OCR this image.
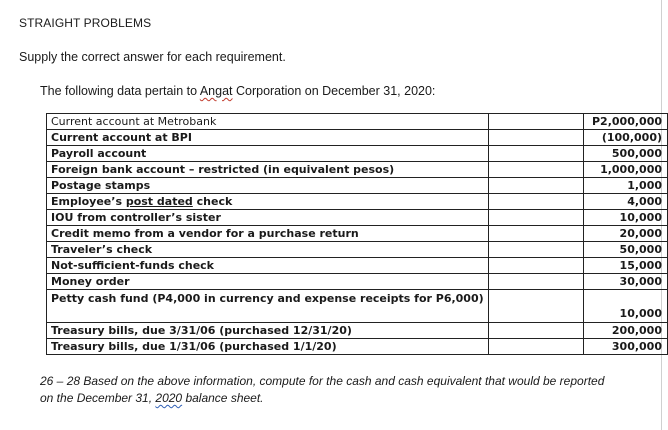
STRAIGHT PROBLEMS
Supply the correct answer for each requirement.
The following data pertain to Angat Corporation on December 31, 2020:
Current account at Metrobank		P2,000,000
Current account at BPI		(100,000)
Payroll account		500,000
Foreign bank account – restricted (in equivalent pesos)		1,000,000
Postage stamps		1,000
Employee’s post dated check		4,000
IOU from controller’s sister		10,000
Credit memo from a vendor for a purchase return		20,000
Traveler’s check		50,000
Not-sufficient-funds check		15,000
Money order		30,000
Petty cash fund (P4,000 in currency and expense receipts for P6,000)		10,000
Treasury bills, due 3/31/06 (purchased 12/31/20)		200,000
Treasury bills, due 1/31/06 (purchased 1/1/20)		300,000
26 – 28 Based on the above information, compute for the cash and cash equivalent that would be reported
on the December 31, 2020 balance sheet.
